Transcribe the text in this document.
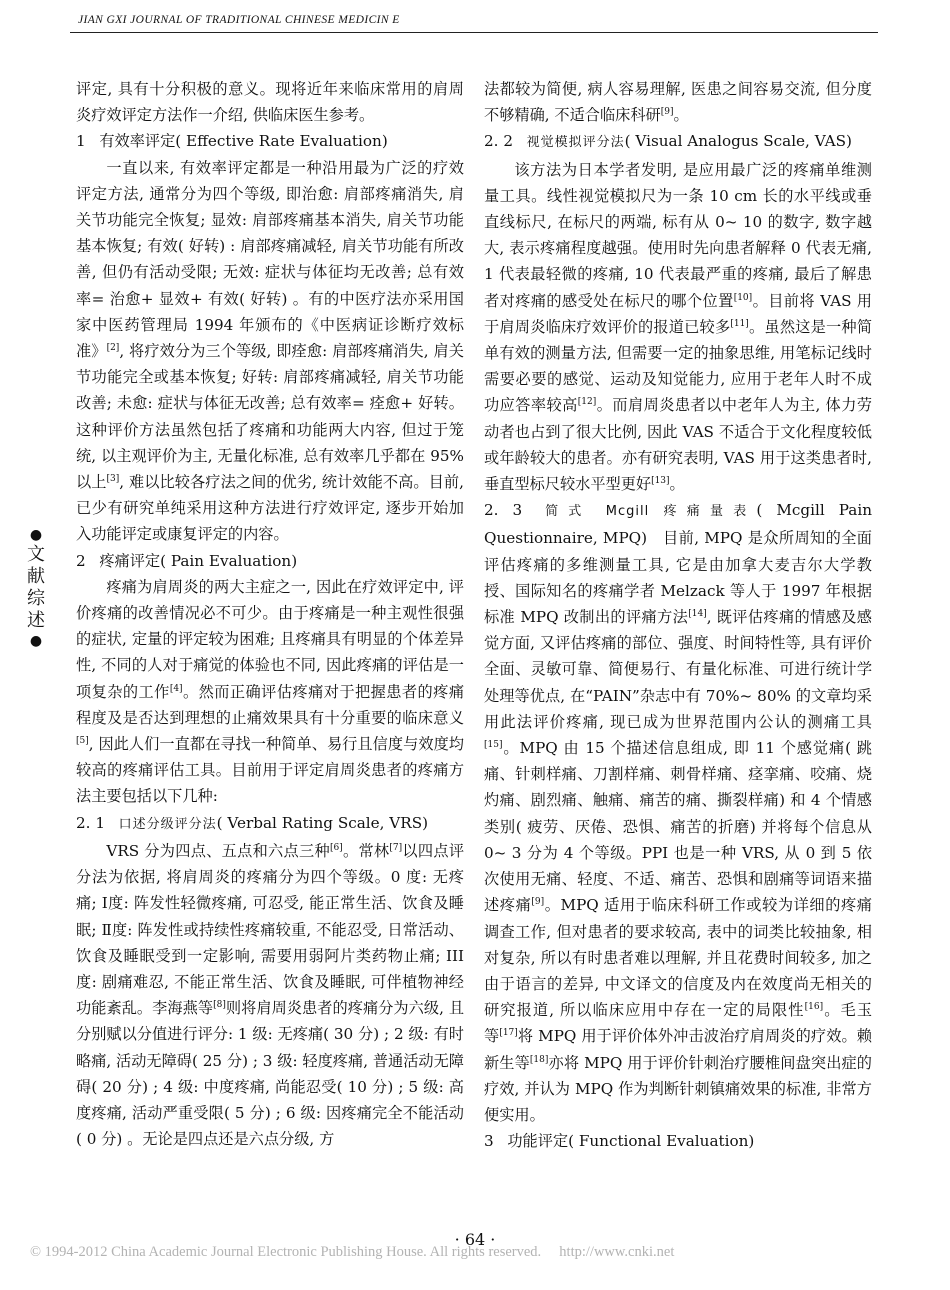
JIAN GXI JOURNAL OF TRADITIONAL CHINESE MEDICIN E
●
文献综述
●

评定, 具有十分积极的意义。现将近年来临床常用的肩周炎疗效评定方法作一介绍, 供临床医生参考。

1 有效率评定( Effective Rate Evaluation)

一直以来, 有效率评定都是一种沿用最为广泛的疗效评定方法, 通常分为四个等级, 即治愈: 肩部疼痛消失, 肩关节功能完全恢复; 显效: 肩部疼痛基本消失, 肩关节功能基本恢复; 有效( 好转) : 肩部疼痛减轻, 肩关节功能有所改善, 但仍有活动受限; 无效: 症状与体征均无改善; 总有效率= 治愈+ 显效+ 有效( 好转) 。有的中医疗法亦采用国家中医药管理局 1994 年颁布的《中医病证诊断疗效标准》[2], 将疗效分为三个等级, 即痊愈: 肩部疼痛消失, 肩关节功能完全或基本恢复; 好转: 肩部疼痛减轻, 肩关节功能改善; 未愈: 症状与体征无改善; 总有效率= 痊愈+ 好转。这种评价方法虽然包括了疼痛和功能两大内容, 但过于笼统, 以主观评价为主, 无量化标准, 总有效率几乎都在 95% 以上[3], 难以比较各疗法之间的优劣, 统计效能不高。目前, 已少有研究单纯采用这种方法进行疗效评定, 逐步开始加入功能评定或康复评定的内容。

2 疼痛评定( Pain Evaluation)

疼痛为肩周炎的两大主症之一, 因此在疗效评定中, 评价疼痛的改善情况必不可少。由于疼痛是一种主观性很强的症状, 定量的评定较为困难; 且疼痛具有明显的个体差异性, 不同的人对于痛觉的体验也不同, 因此疼痛的评估是一项复杂的工作[4]。然而正确评估疼痛对于把握患者的疼痛程度及是否达到理想的止痛效果具有十分重要的临床意义[5], 因此人们一直都在寻找一种简单、易行且信度与效度均较高的疼痛评估工具。目前用于评定肩周炎患者的疼痛方法主要包括以下几种:

2. 1 口述分级评分法( Verbal Rating Scale, VRS)

VRS 分为四点、五点和六点三种[6]。常林[7]以四点评分法为依据, 将肩周炎的疼痛分为四个等级。0 度: 无疼痛; Ⅰ度: 阵发性轻微疼痛, 可忍受, 能正常生活、饮食及睡眠; Ⅱ度: 阵发性或持续性疼痛较重, 不能忍受, 日常活动、饮食及睡眠受到一定影响, 需要用弱阿片类药物止痛; III 度: 剧痛难忍, 不能正常生活、饮食及睡眠, 可伴植物神经功能紊乱。李海燕等[8]则将肩周炎患者的疼痛分为六级, 且分别赋以分值进行评分: 1 级: 无疼痛( 30 分) ; 2 级: 有时略痛, 活动无障碍( 25 分) ; 3 级: 轻度疼痛, 普通活动无障碍( 20 分) ; 4 级: 中度疼痛, 尚能忍受( 10 分) ; 5 级: 高度疼痛, 活动严重受限( 5 分) ; 6 级: 因疼痛完全不能活动( 0 分) 。无论是四点还是六点分级, 方

法都较为简便, 病人容易理解, 医患之间容易交流, 但分度不够精确, 不适合临床科研[9]。

2. 2 视觉模拟评分法( Visual Analogus Scale, VAS)

该方法为日本学者发明, 是应用最广泛的疼痛单维测量工具。线性视觉模拟尺为一条 10 cm 长的水平线或垂直线标尺, 在标尺的两端, 标有从 0~ 10 的数字, 数字越大, 表示疼痛程度越强。使用时先向患者解释 0 代表无痛, 1 代表最轻微的疼痛, 10 代表最严重的疼痛, 最后了解患者对疼痛的感受处在标尺的哪个位置[10]。目前将 VAS 用于肩周炎临床疗效评价的报道已较多[11]。虽然这是一种简单有效的测量方法, 但需要一定的抽象思维, 用笔标记线时需要必要的感觉、运动及知觉能力, 应用于老年人时不成功应答率较高[12]。而肩周炎患者以中老年人为主, 体力劳动者也占到了很大比例, 因此 VAS 不适合于文化程度较低或年龄较大的患者。亦有研究表明, VAS 用于这类患者时, 垂直型标尺较水平型更好[13]。

2. 3 简式 Mcgill 疼痛量表( Mcgill Pain Questionnaire, MPQ)　 目前, MPQ 是众所周知的全面评估疼痛的多维测量工具, 它是由加拿大麦吉尔大学教授、国际知名的疼痛学者 Melzack 等人于 1997 年根据标准 MPQ 改制出的评痛方法[14], 既评估疼痛的情感及感觉方面, 又评估疼痛的部位、强度、时间特性等, 具有评价全面、灵敏可靠、简便易行、有量化标准、可进行统计学处理等优点, 在“PAIN”杂志中有 70%~ 80% 的文章均采用此法评价疼痛, 现已成为世界范围内公认的测痛工具[15]。MPQ 由 15 个描述信息组成, 即 11 个感觉痛( 跳痛、针刺样痛、刀割样痛、刺骨样痛、痉挛痛、咬痛、烧灼痛、剧烈痛、触痛、痛苦的痛、撕裂样痛) 和 4 个情感类别( 疲劳、厌倦、恐惧、痛苦的折磨) 并将每个信息从 0~ 3 分为 4 个等级。PPI 也是一种 VRS, 从 0 到 5 依次使用无痛、轻度、不适、痛苦、恐惧和剧痛等词语来描述疼痛[9]。MPQ 适用于临床科研工作或较为详细的疼痛调查工作, 但对患者的要求较高, 表中的词类比较抽象, 相对复杂, 所以有时患者难以理解, 并且花费时间较多, 加之由于语言的差异, 中文译文的信度及内在效度尚无相关的研究报道, 所以临床应用中存在一定的局限性[16]。毛玉　等[17]将 MPQ 用于评价体外冲击波治疗肩周炎的疗效。赖新生等[18]亦将 MPQ 用于评价针刺治疗腰椎间盘突出症的疗效, 并认为 MPQ 作为判断针刺镇痛效果的标准, 非常方便实用。

3 功能评定( Functional Evaluation)

· 64 ·
© 1994-2012 China Academic Journal Electronic Publishing House. All rights reserved.　 http://www.cnki.net
